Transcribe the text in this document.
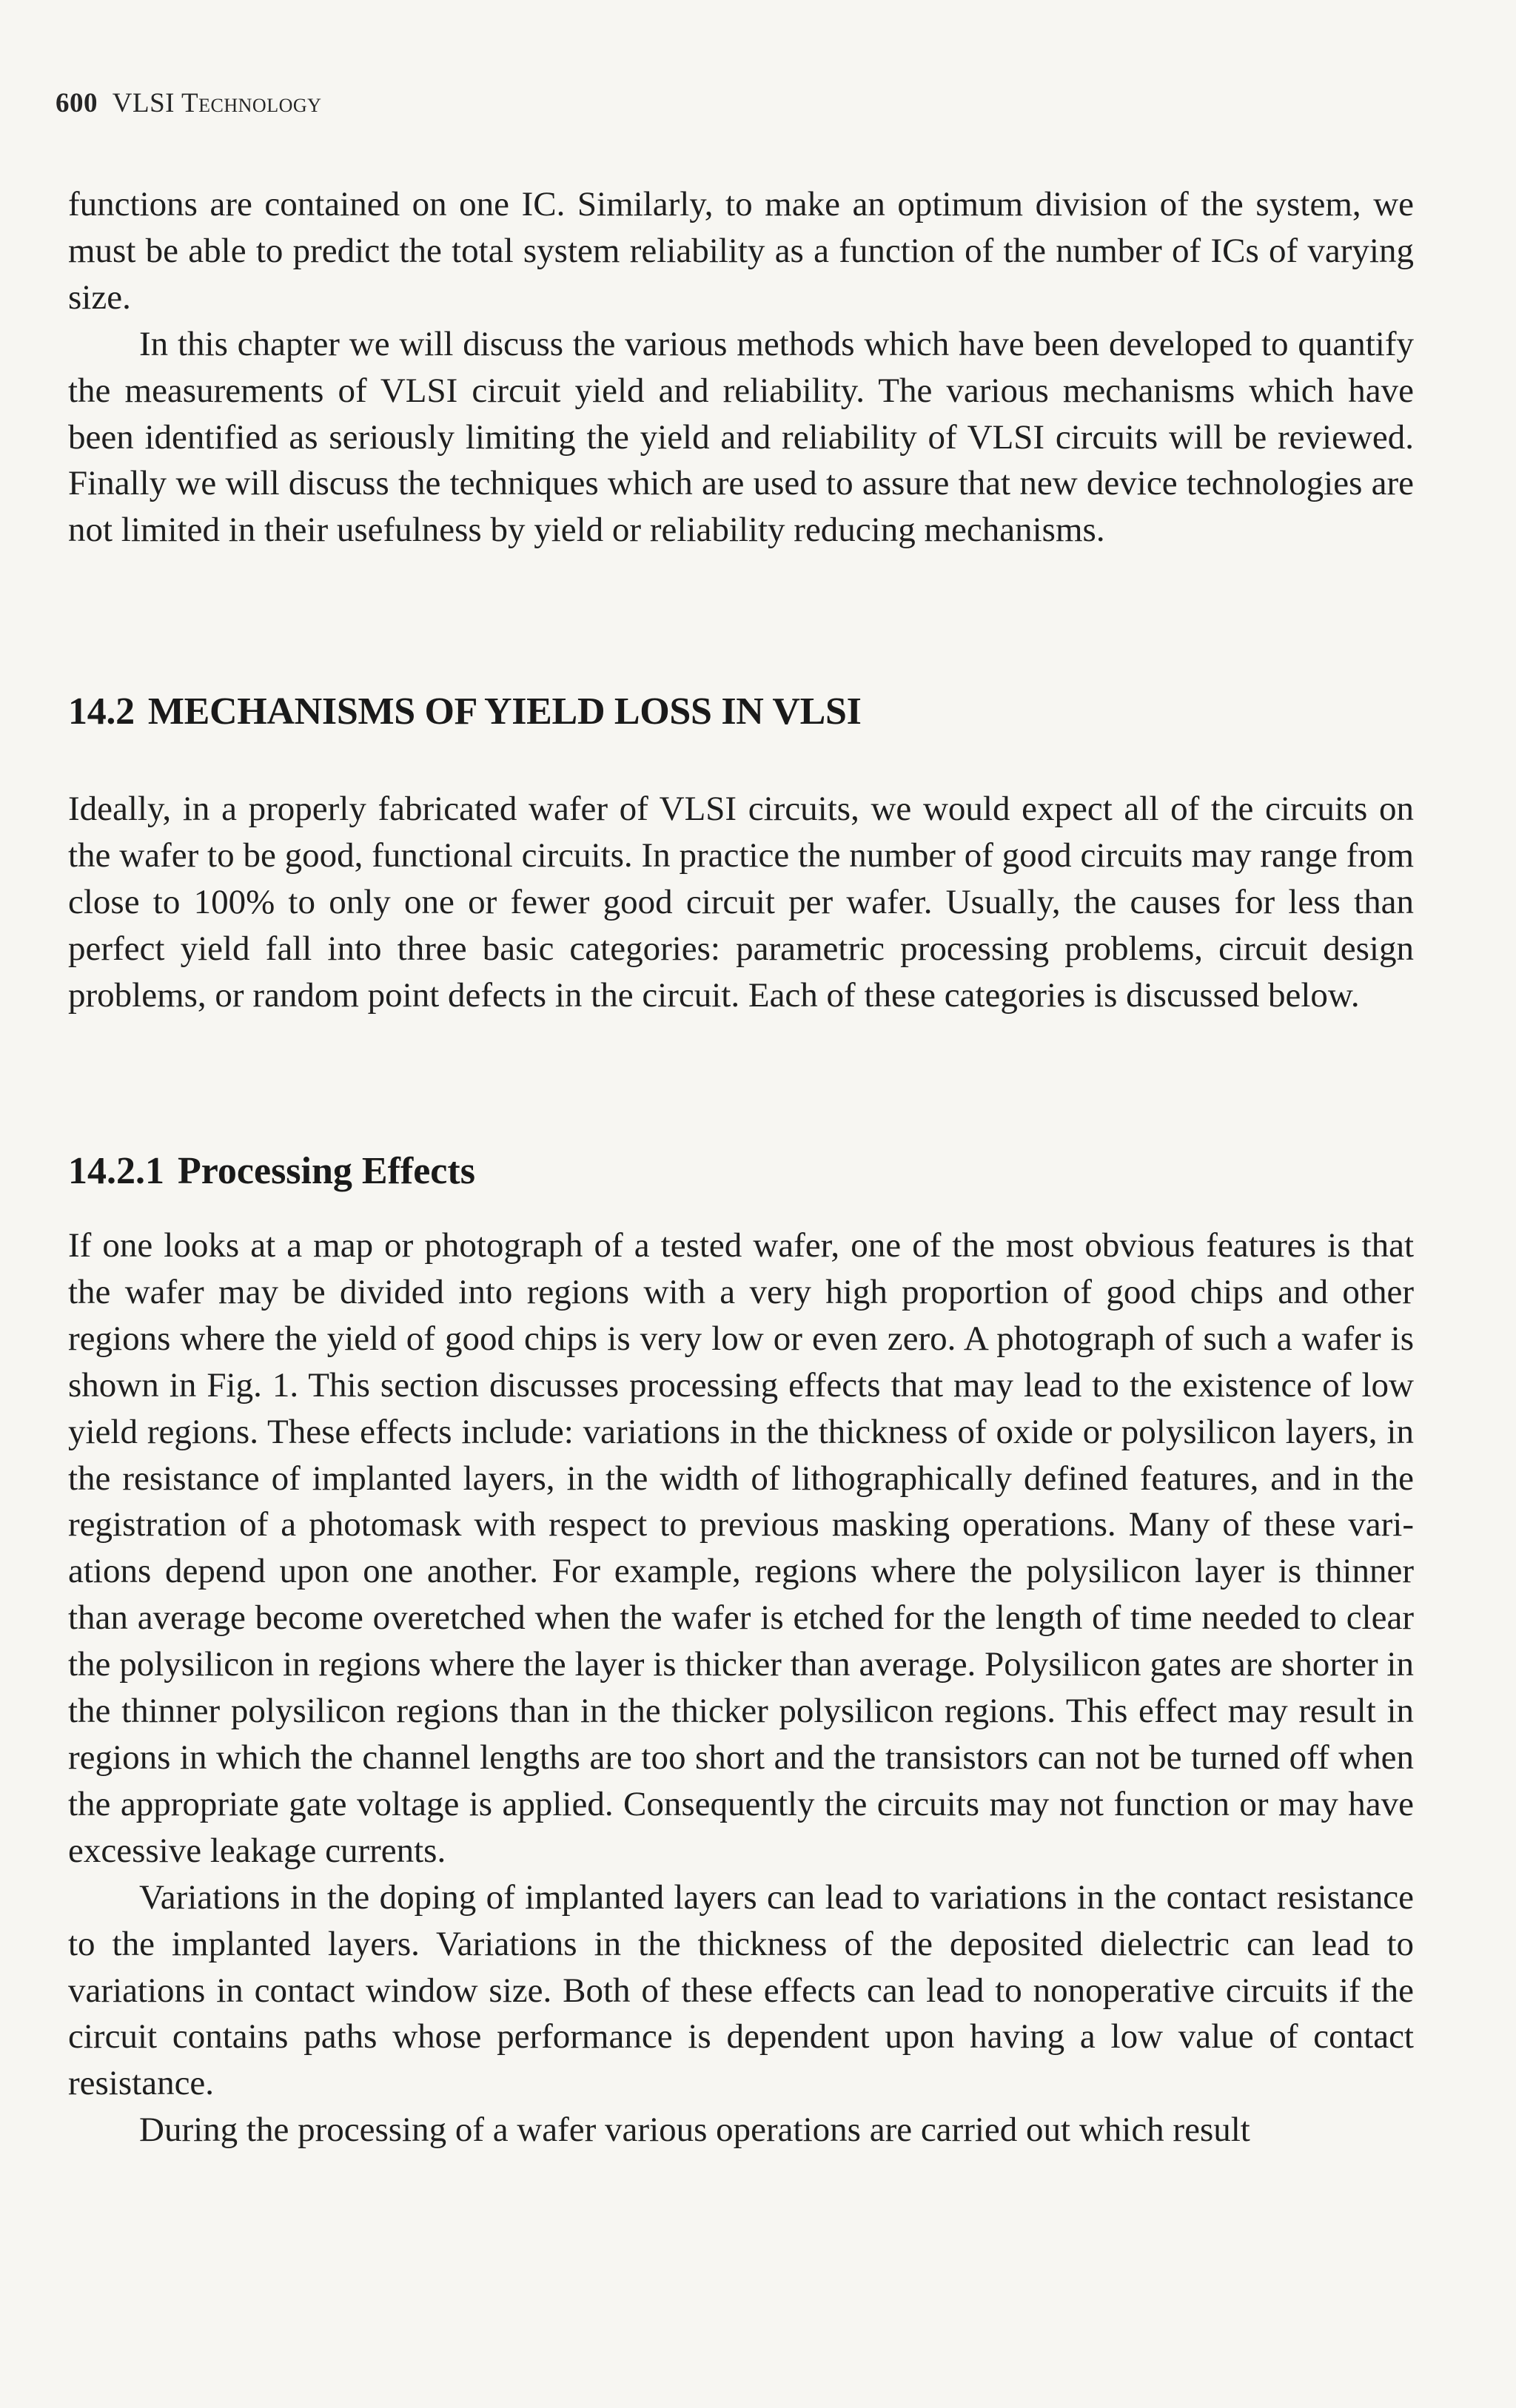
600 VLSI Technology

functions are contained on one IC. Similarly, to make an optimum division of the system, we must be able to predict the total system reliability as a function of the number of ICs of varying size.

In this chapter we will discuss the various methods which have been developed to quantify the measurements of VLSI circuit yield and reliability. The various mechanisms which have been identified as seriously limiting the yield and reliability of VLSI circuits will be reviewed. Finally we will discuss the techniques which are used to assure that new device technologies are not limited in their usefulness by yield or reliability reducing mechanisms.

14.2 MECHANISMS OF YIELD LOSS IN VLSI

Ideally, in a properly fabricated wafer of VLSI circuits, we would expect all of the circuits on the wafer to be good, functional circuits. In practice the number of good circuits may range from close to 100% to only one or fewer good circuit per wafer. Usually, the causes for less than perfect yield fall into three basic categories: parametric processing problems, circuit design problems, or random point defects in the circuit. Each of these categories is discussed below.

14.2.1 Processing Effects

If one looks at a map or photograph of a tested wafer, one of the most obvious features is that the wafer may be divided into regions with a very high proportion of good chips and other regions where the yield of good chips is very low or even zero. A photograph of such a wafer is shown in Fig. 1. This section discusses processing effects that may lead to the existence of low yield regions. These effects include: variations in the thickness of oxide or polysilicon layers, in the resistance of implanted layers, in the width of lithographically defined features, and in the registration of a photomask with respect to previous masking operations. Many of these variations depend upon one another. For example, regions where the polysilicon layer is thinner than average become overetched when the wafer is etched for the length of time needed to clear the polysilicon in regions where the layer is thicker than average. Polysilicon gates are shorter in the thinner polysilicon regions than in the thicker polysilicon regions. This effect may result in regions in which the channel lengths are too short and the transistors can not be turned off when the appropriate gate voltage is applied. Consequently the circuits may not function or may have excessive leakage currents.

Variations in the doping of implanted layers can lead to variations in the contact resistance to the implanted layers. Variations in the thickness of the deposited dielectric can lead to variations in contact window size. Both of these effects can lead to nonoperative circuits if the circuit contains paths whose performance is dependent upon having a low value of contact resistance.

During the processing of a wafer various operations are carried out which result
